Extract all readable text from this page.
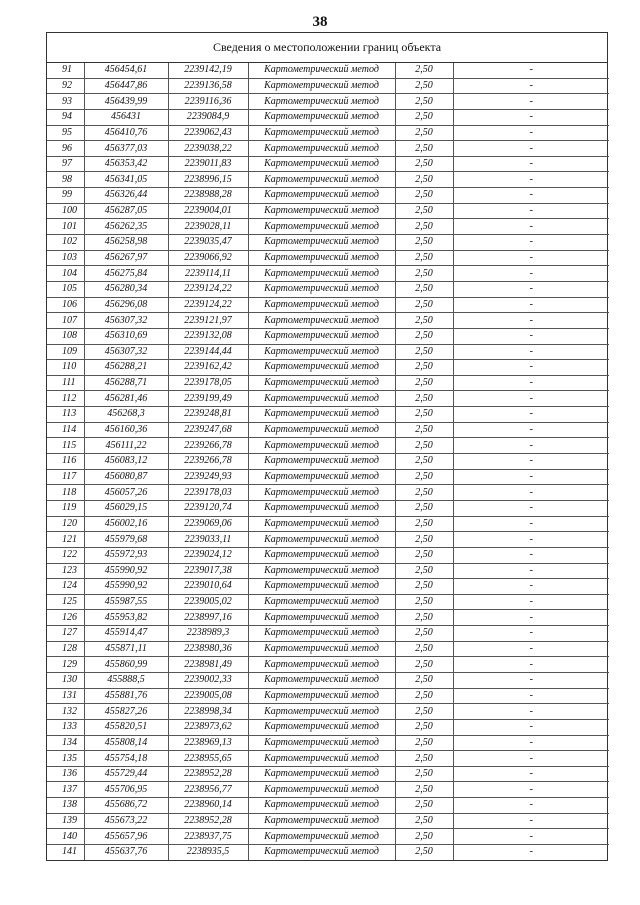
38
Сведения о местоположении границ объекта
91	456454,61	2239142,19	Картометрический метод	2,50	-
92	456447,86	2239136,58	Картометрический метод	2,50	-
93	456439,99	2239116,36	Картометрический метод	2,50	-
94	456431	2239084,9	Картометрический метод	2,50	-
95	456410,76	2239062,43	Картометрический метод	2,50	-
96	456377,03	2239038,22	Картометрический метод	2,50	-
97	456353,42	2239011,83	Картометрический метод	2,50	-
98	456341,05	2238996,15	Картометрический метод	2,50	-
99	456326,44	2238988,28	Картометрический метод	2,50	-
100	456287,05	2239004,01	Картометрический метод	2,50	-
101	456262,35	2239028,11	Картометрический метод	2,50	-
102	456258,98	2239035,47	Картометрический метод	2,50	-
103	456267,97	2239066,92	Картометрический метод	2,50	-
104	456275,84	2239114,11	Картометрический метод	2,50	-
105	456280,34	2239124,22	Картометрический метод	2,50	-
106	456296,08	2239124,22	Картометрический метод	2,50	-
107	456307,32	2239121,97	Картометрический метод	2,50	-
108	456310,69	2239132,08	Картометрический метод	2,50	-
109	456307,32	2239144,44	Картометрический метод	2,50	-
110	456288,21	2239162,42	Картометрический метод	2,50	-
111	456288,71	2239178,05	Картометрический метод	2,50	-
112	456281,46	2239199,49	Картометрический метод	2,50	-
113	456268,3	2239248,81	Картометрический метод	2,50	-
114	456160,36	2239247,68	Картометрический метод	2,50	-
115	456111,22	2239266,78	Картометрический метод	2,50	-
116	456083,12	2239266,78	Картометрический метод	2,50	-
117	456080,87	2239249,93	Картометрический метод	2,50	-
118	456057,26	2239178,03	Картометрический метод	2,50	-
119	456029,15	2239120,74	Картометрический метод	2,50	-
120	456002,16	2239069,06	Картометрический метод	2,50	-
121	455979,68	2239033,11	Картометрический метод	2,50	-
122	455972,93	2239024,12	Картометрический метод	2,50	-
123	455990,92	2239017,38	Картометрический метод	2,50	-
124	455990,92	2239010,64	Картометрический метод	2,50	-
125	455987,55	2239005,02	Картометрический метод	2,50	-
126	455953,82	2238997,16	Картометрический метод	2,50	-
127	455914,47	2238989,3	Картометрический метод	2,50	-
128	455871,11	2238980,36	Картометрический метод	2,50	-
129	455860,99	2238981,49	Картометрический метод	2,50	-
130	455888,5	2239002,33	Картометрический метод	2,50	-
131	455881,76	2239005,08	Картометрический метод	2,50	-
132	455827,26	2238998,34	Картометрический метод	2,50	-
133	455820,51	2238973,62	Картометрический метод	2,50	-
134	455808,14	2238969,13	Картометрический метод	2,50	-
135	455754,18	2238955,65	Картометрический метод	2,50	-
136	455729,44	2238952,28	Картометрический метод	2,50	-
137	455706,95	2238956,77	Картометрический метод	2,50	-
138	455686,72	2238960,14	Картометрический метод	2,50	-
139	455673,22	2238952,28	Картометрический метод	2,50	-
140	455657,96	2238937,75	Картометрический метод	2,50	-
141	455637,76	2238935,5	Картометрический метод	2,50	-
